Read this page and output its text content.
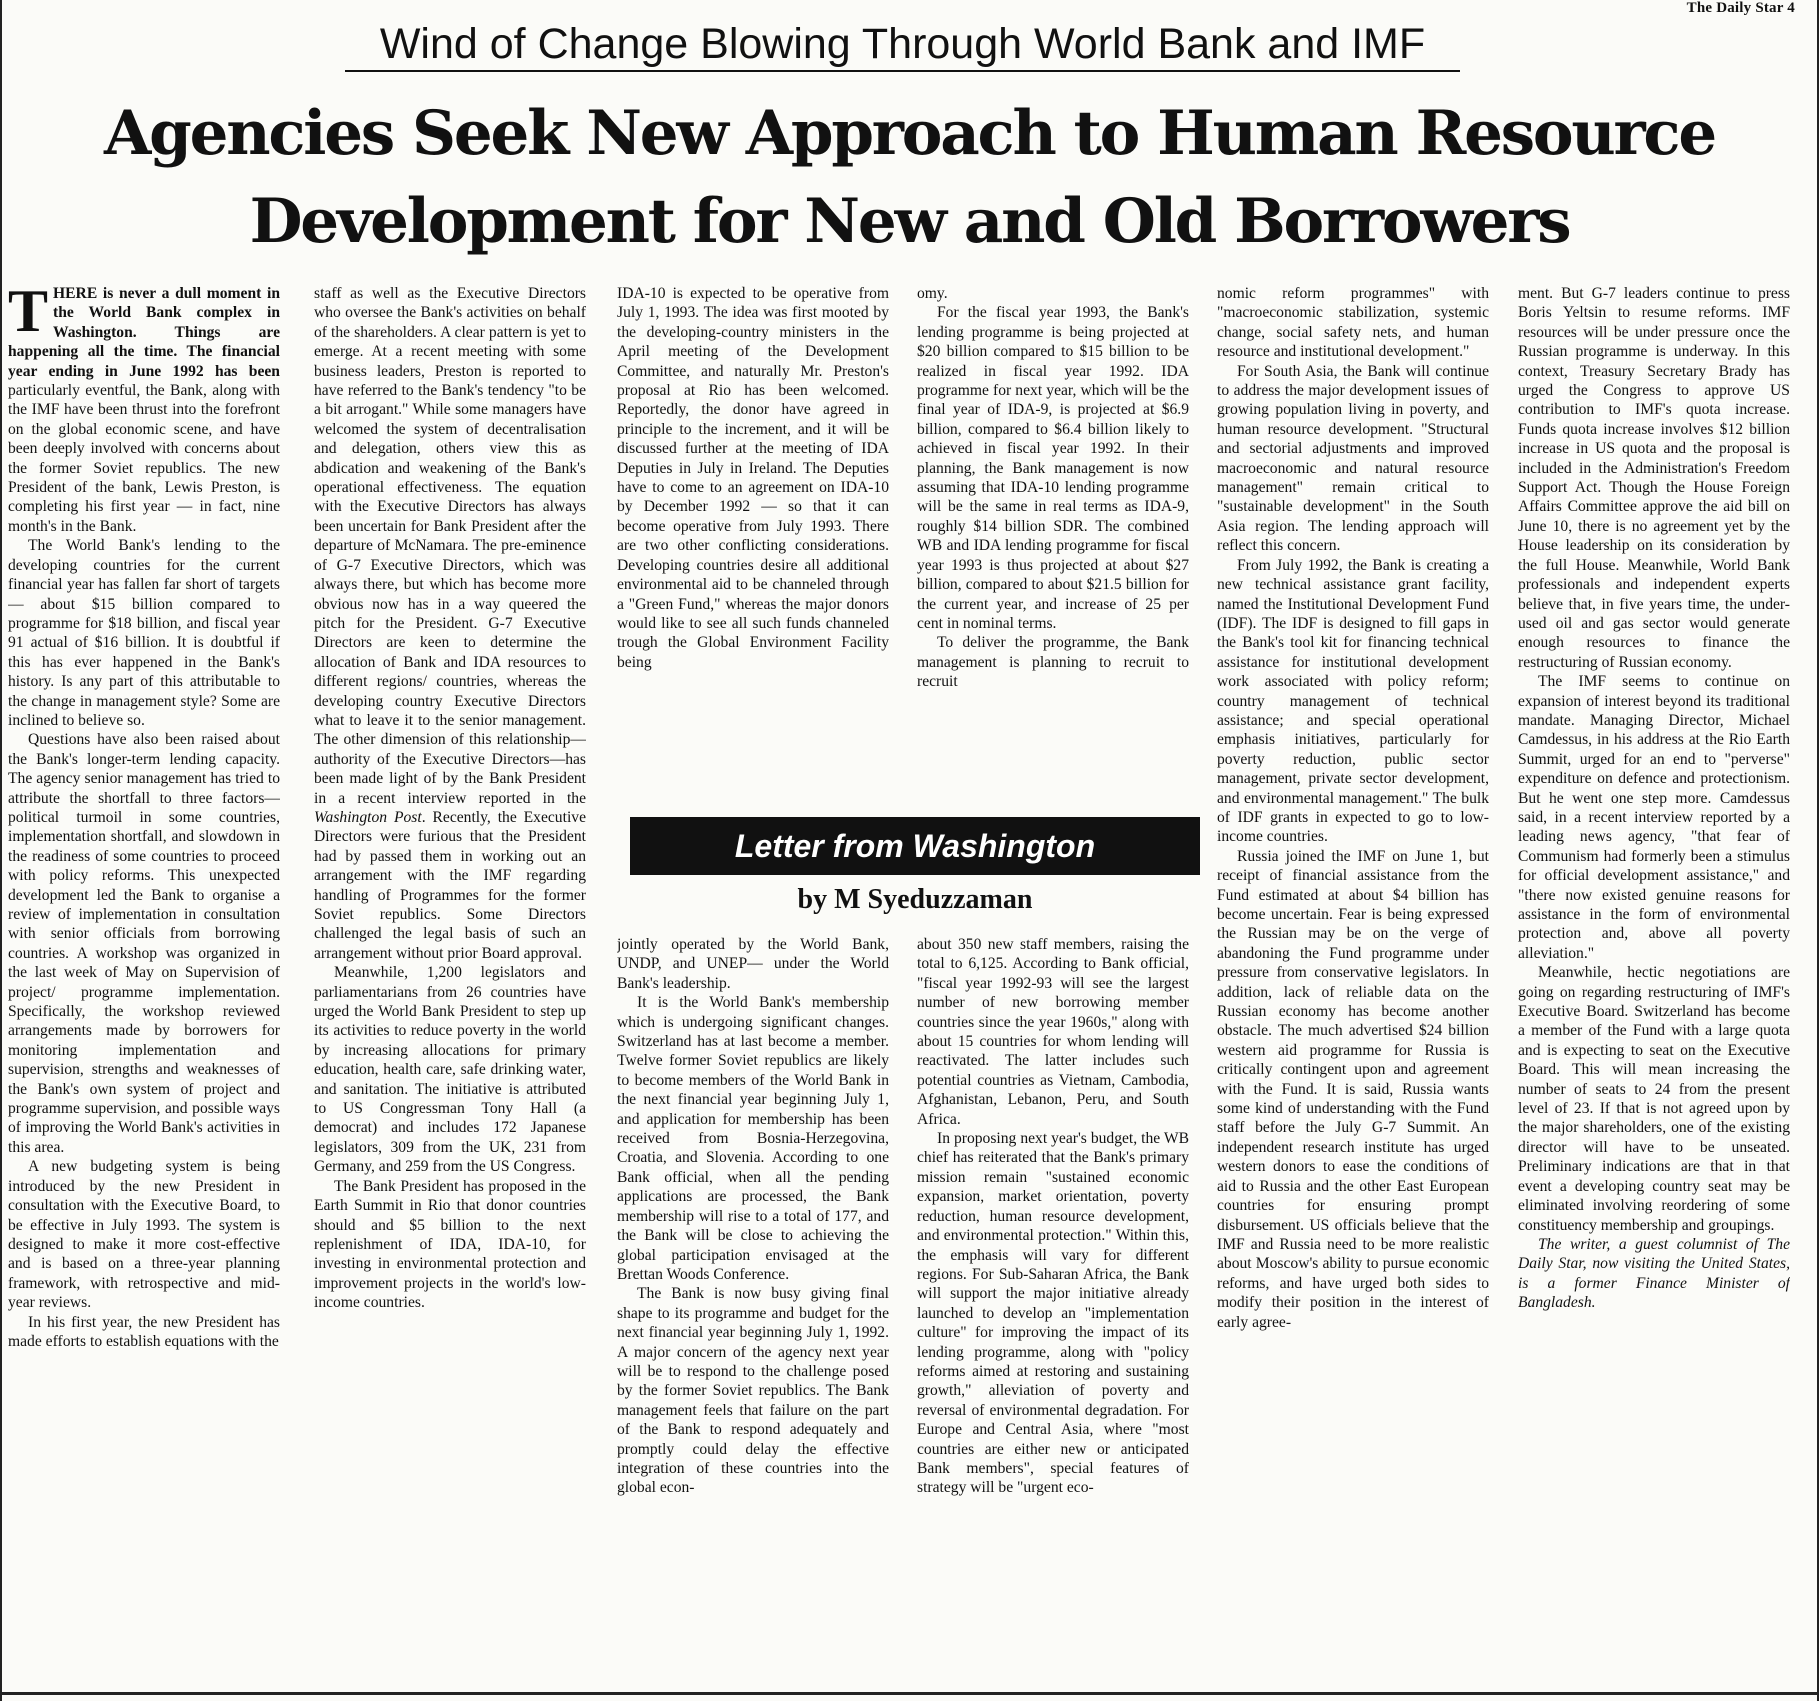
The Daily Star 4
Wind of Change Blowing Through World Bank and IMF
Agencies Seek New Approach to Human Resource
Development for New and Old Borrowers

THERE is never a dull moment in the World Bank complex in Washington. Things are happening all the time. The financial year ending in June 1992 has been particularly eventful, the Bank, along with the IMF have been thrust into the forefront on the global economic scene, and have been deeply involved with concerns about the former Soviet republics. The new President of the bank, Lewis Preston, is completing his first year — in fact, nine month's in the Bank.

The World Bank's lending to the developing countries for the current financial year has fallen far short of targets— about $15 billion compared to programme for $18 billion, and fiscal year 91 actual of $16 billion. It is doubtful if this has ever happened in the Bank's history. Is any part of this attributable to the change in management style? Some are inclined to believe so.

Questions have also been raised about the Bank's longer-term lending capacity. The agency senior management has tried to attribute the shortfall to three factors—political turmoil in some countries, implementation shortfall, and slowdown in the readiness of some countries to proceed with policy reforms. This unexpected development led the Bank to organise a review of implementation in consultation with senior officials from borrowing countries. A workshop was organized in the last week of May on Supervision of project/ programme implementation. Specifically, the workshop reviewed arrangements made by borrowers for monitoring implementation and supervision, strengths and weaknesses of the Bank's own system of project and programme supervision, and possible ways of improving the World Bank's activities in this area.

A new budgeting system is being introduced by the new President in consultation with the Executive Board, to be effective in July 1993. The system is designed to make it more cost-effective and is based on a three-year planning framework, with retrospective and mid-year reviews.

In his first year, the new President has made efforts to establish equations with the

staff as well as the Executive Directors who oversee the Bank's activities on behalf of the shareholders. A clear pattern is yet to emerge. At a recent meeting with some business leaders, Preston is reported to have referred to the Bank's tendency "to be a bit arrogant." While some managers have welcomed the system of decentralisation and delegation, others view this as abdication and weakening of the Bank's operational effectiveness. The equation with the Executive Directors has always been uncertain for Bank President after the departure of McNamara. The pre-eminence of G-7 Executive Directors, which was always there, but which has become more obvious now has in a way queered the pitch for the President. G-7 Executive Directors are keen to determine the allocation of Bank and IDA resources to different regions/ countries, whereas the developing country Executive Directors what to leave it to the senior management. The other dimension of this relationship—authority of the Executive Directors—has been made light of by the Bank President in a recent interview reported in the Washington Post. Recently, the Executive Directors were furious that the President had by passed them in working out an arrangement with the IMF regarding handling of Programmes for the former Soviet republics. Some Directors challenged the legal basis of such an arrangement without prior Board approval.

Meanwhile, 1,200 legislators and parliamentarians from 26 countries have urged the World Bank President to step up its activities to reduce poverty in the world by increasing allocations for primary education, health care, safe drinking water, and sanitation. The initiative is attributed to US Congressman Tony Hall (a democrat) and includes 172 Japanese legislators, 309 from the UK, 231 from Germany, and 259 from the US Congress.

The Bank President has proposed in the Earth Summit in Rio that donor countries should and $5 billion to the next replenishment of IDA, IDA-10, for investing in environmental protection and improvement projects in the world's low-income countries.

IDA-10 is expected to be operative from July 1, 1993. The idea was first mooted by the developing-country ministers in the April meeting of the Development Committee, and naturally Mr. Preston's proposal at Rio has been welcomed. Reportedly, the donor have agreed in principle to the increment, and it will be discussed further at the meeting of IDA Deputies in July in Ireland. The Deputies have to come to an agreement on IDA-10 by December 1992 — so that it can become operative from July 1993. There are two other conflicting considerations. Developing countries desire all additional environmental aid to be channeled through a "Green Fund," whereas the major donors would like to see all such funds channeled trough the Global Environment Facility being

omy.

For the fiscal year 1993, the Bank's lending programme is being projected at $20 billion compared to $15 billion to be realized in fiscal year 1992. IDA programme for next year, which will be the final year of IDA-9, is projected at $6.9 billion, compared to $6.4 billion likely to achieved in fiscal year 1992. In their planning, the Bank management is now assuming that IDA-10 lending programme will be the same in real terms as IDA-9, roughly $14 billion SDR. The combined WB and IDA lending programme for fiscal year 1993 is thus projected at about $27 billion, compared to about $21.5 billion for the current year, and increase of 25 per cent in nominal terms.

To deliver the programme, the Bank management is planning to recruit to recruit

Letter from Washington
by M Syeduzzaman

jointly operated by the World Bank, UNDP, and UNEP— under the World Bank's leadership.

It is the World Bank's membership which is undergoing significant changes. Switzerland has at last become a member. Twelve former Soviet republics are likely to become members of the World Bank in the next financial year beginning July 1, and application for membership has been received from Bosnia-Herzegovina, Croatia, and Slovenia. According to one Bank official, when all the pending applications are processed, the Bank membership will rise to a total of 177, and the Bank will be close to achieving the global participation envisaged at the Brettan Woods Conference.

The Bank is now busy giving final shape to its programme and budget for the next financial year beginning July 1, 1992. A major concern of the agency next year will be to respond to the challenge posed by the former Soviet republics. The Bank management feels that failure on the part of the Bank to respond adequately and promptly could delay the effective integration of these countries into the global econ-

about 350 new staff members, raising the total to 6,125. According to Bank official, "fiscal year 1992-93 will see the largest number of new borrowing member countries since the year 1960s," along with about 15 countries for whom lending will reactivated. The latter includes such potential countries as Vietnam, Cambodia, Afghanistan, Lebanon, Peru, and South Africa.

In proposing next year's budget, the WB chief has reiterated that the Bank's primary mission remain "sustained economic expansion, market orientation, poverty reduction, human resource development, and environmental protection." Within this, the emphasis will vary for different regions. For Sub-Saharan Africa, the Bank will support the major initiative already launched to develop an "implementation culture" for improving the impact of its lending programme, along with "policy reforms aimed at restoring and sustaining growth," alleviation of poverty and reversal of environmental degradation. For Europe and Central Asia, where "most countries are either new or anticipated Bank members", special features of strategy will be "urgent eco-

nomic reform programmes" with "macroeconomic stabilization, systemic change, social safety nets, and human resource and institutional development."

For South Asia, the Bank will continue to address the major development issues of growing population living in poverty, and human resource development. "Structural and sectorial adjustments and improved macroeconomic and natural resource management" remain critical to "sustainable development" in the South Asia region. The lending approach will reflect this concern.

From July 1992, the Bank is creating a new technical assistance grant facility, named the Institutional Development Fund (IDF). The IDF is designed to fill gaps in the Bank's tool kit for financing technical assistance for institutional development work associated with policy reform; country management of technical assistance; and special operational emphasis initiatives, particularly for poverty reduction, public sector management, private sector development, and environmental management." The bulk of IDF grants in expected to go to low-income countries.

Russia joined the IMF on June 1, but receipt of financial assistance from the Fund estimated at about $4 billion has become uncertain. Fear is being expressed the Russian may be on the verge of abandoning the Fund programme under pressure from conservative legislators. In addition, lack of reliable data on the Russian economy has become another obstacle. The much advertised $24 billion western aid programme for Russia is critically contingent upon and agreement with the Fund. It is said, Russia wants some kind of understanding with the Fund staff before the July G-7 Summit. An independent research institute has urged western donors to ease the conditions of aid to Russia and the other East European countries for ensuring prompt disbursement. US officials believe that the IMF and Russia need to be more realistic about Moscow's ability to pursue economic reforms, and have urged both sides to modify their position in the interest of early agree-

ment. But G-7 leaders continue to press Boris Yeltsin to resume reforms. IMF resources will be under pressure once the Russian programme is underway. In this context, Treasury Secretary Brady has urged the Congress to approve US contribution to IMF's quota increase. Funds quota increase involves $12 billion increase in US quota and the proposal is included in the Administration's Freedom Support Act. Though the House Foreign Affairs Committee approve the aid bill on June 10, there is no agreement yet by the House leadership on its consideration by the full House. Meanwhile, World Bank professionals and independent experts believe that, in five years time, the under-used oil and gas sector would generate enough resources to finance the restructuring of Russian economy.

The IMF seems to continue on expansion of interest beyond its traditional mandate. Managing Director, Michael Camdessus, in his address at the Rio Earth Summit, urged for an end to "perverse" expenditure on defence and protectionism. But he went one step more. Camdessus said, in a recent interview reported by a leading news agency, "that fear of Communism had formerly been a stimulus for official development assistance," and "there now existed genuine reasons for assistance in the form of environmental protection and, above all poverty alleviation."

Meanwhile, hectic negotiations are going on regarding restructuring of IMF's Executive Board. Switzerland has become a member of the Fund with a large quota and is expecting to seat on the Executive Board. This will mean increasing the number of seats to 24 from the present level of 23. If that is not agreed upon by the major shareholders, one of the existing director will have to be unseated. Preliminary indications are that in that event a developing country seat may be eliminated involving reordering of some constituency membership and groupings.

The writer, a guest columnist of The Daily Star, now visiting the United States, is a former Finance Minister of Bangladesh.
